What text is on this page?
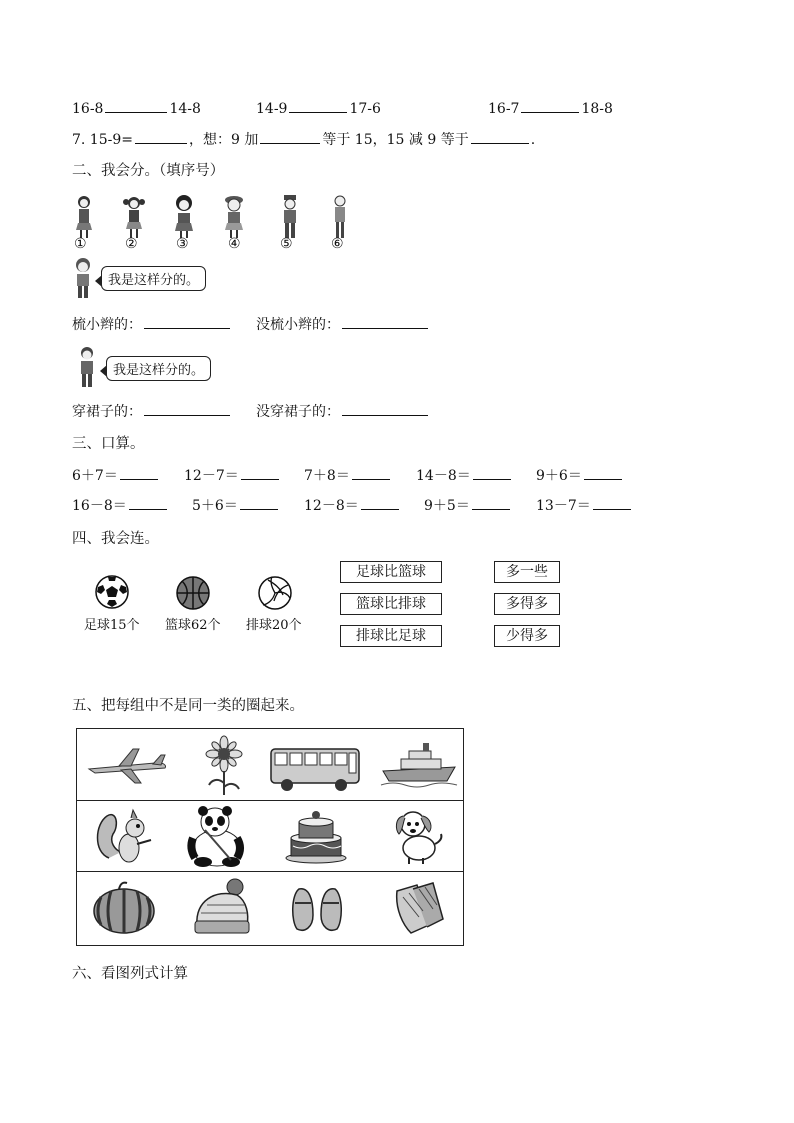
16-8	14-8	14-9	17-6	16-7	18-8
7. 15-9=	，想：9 加	等于 15，15 减 9 等于	.
二、我会分。（填序号）
①	②	③	④	⑤	⑥
我是这样分的。
梳小辫的：	没梳小辫的：
我是这样分的。
穿裙子的：	没穿裙子的：
三、口算。
6＋7＝	12－7＝	7＋8＝	14－8＝	9＋6＝
16－8＝	5＋6＝	12－8＝	9＋5＝	13－7＝
四、我会连。
足球15个 篮球62个 排球20个
足球比篮球
篮球比排球
排球比足球
多一些
多得多
少得多
五、把每组中不是同一类的圈起来。
六、看图列式计算
